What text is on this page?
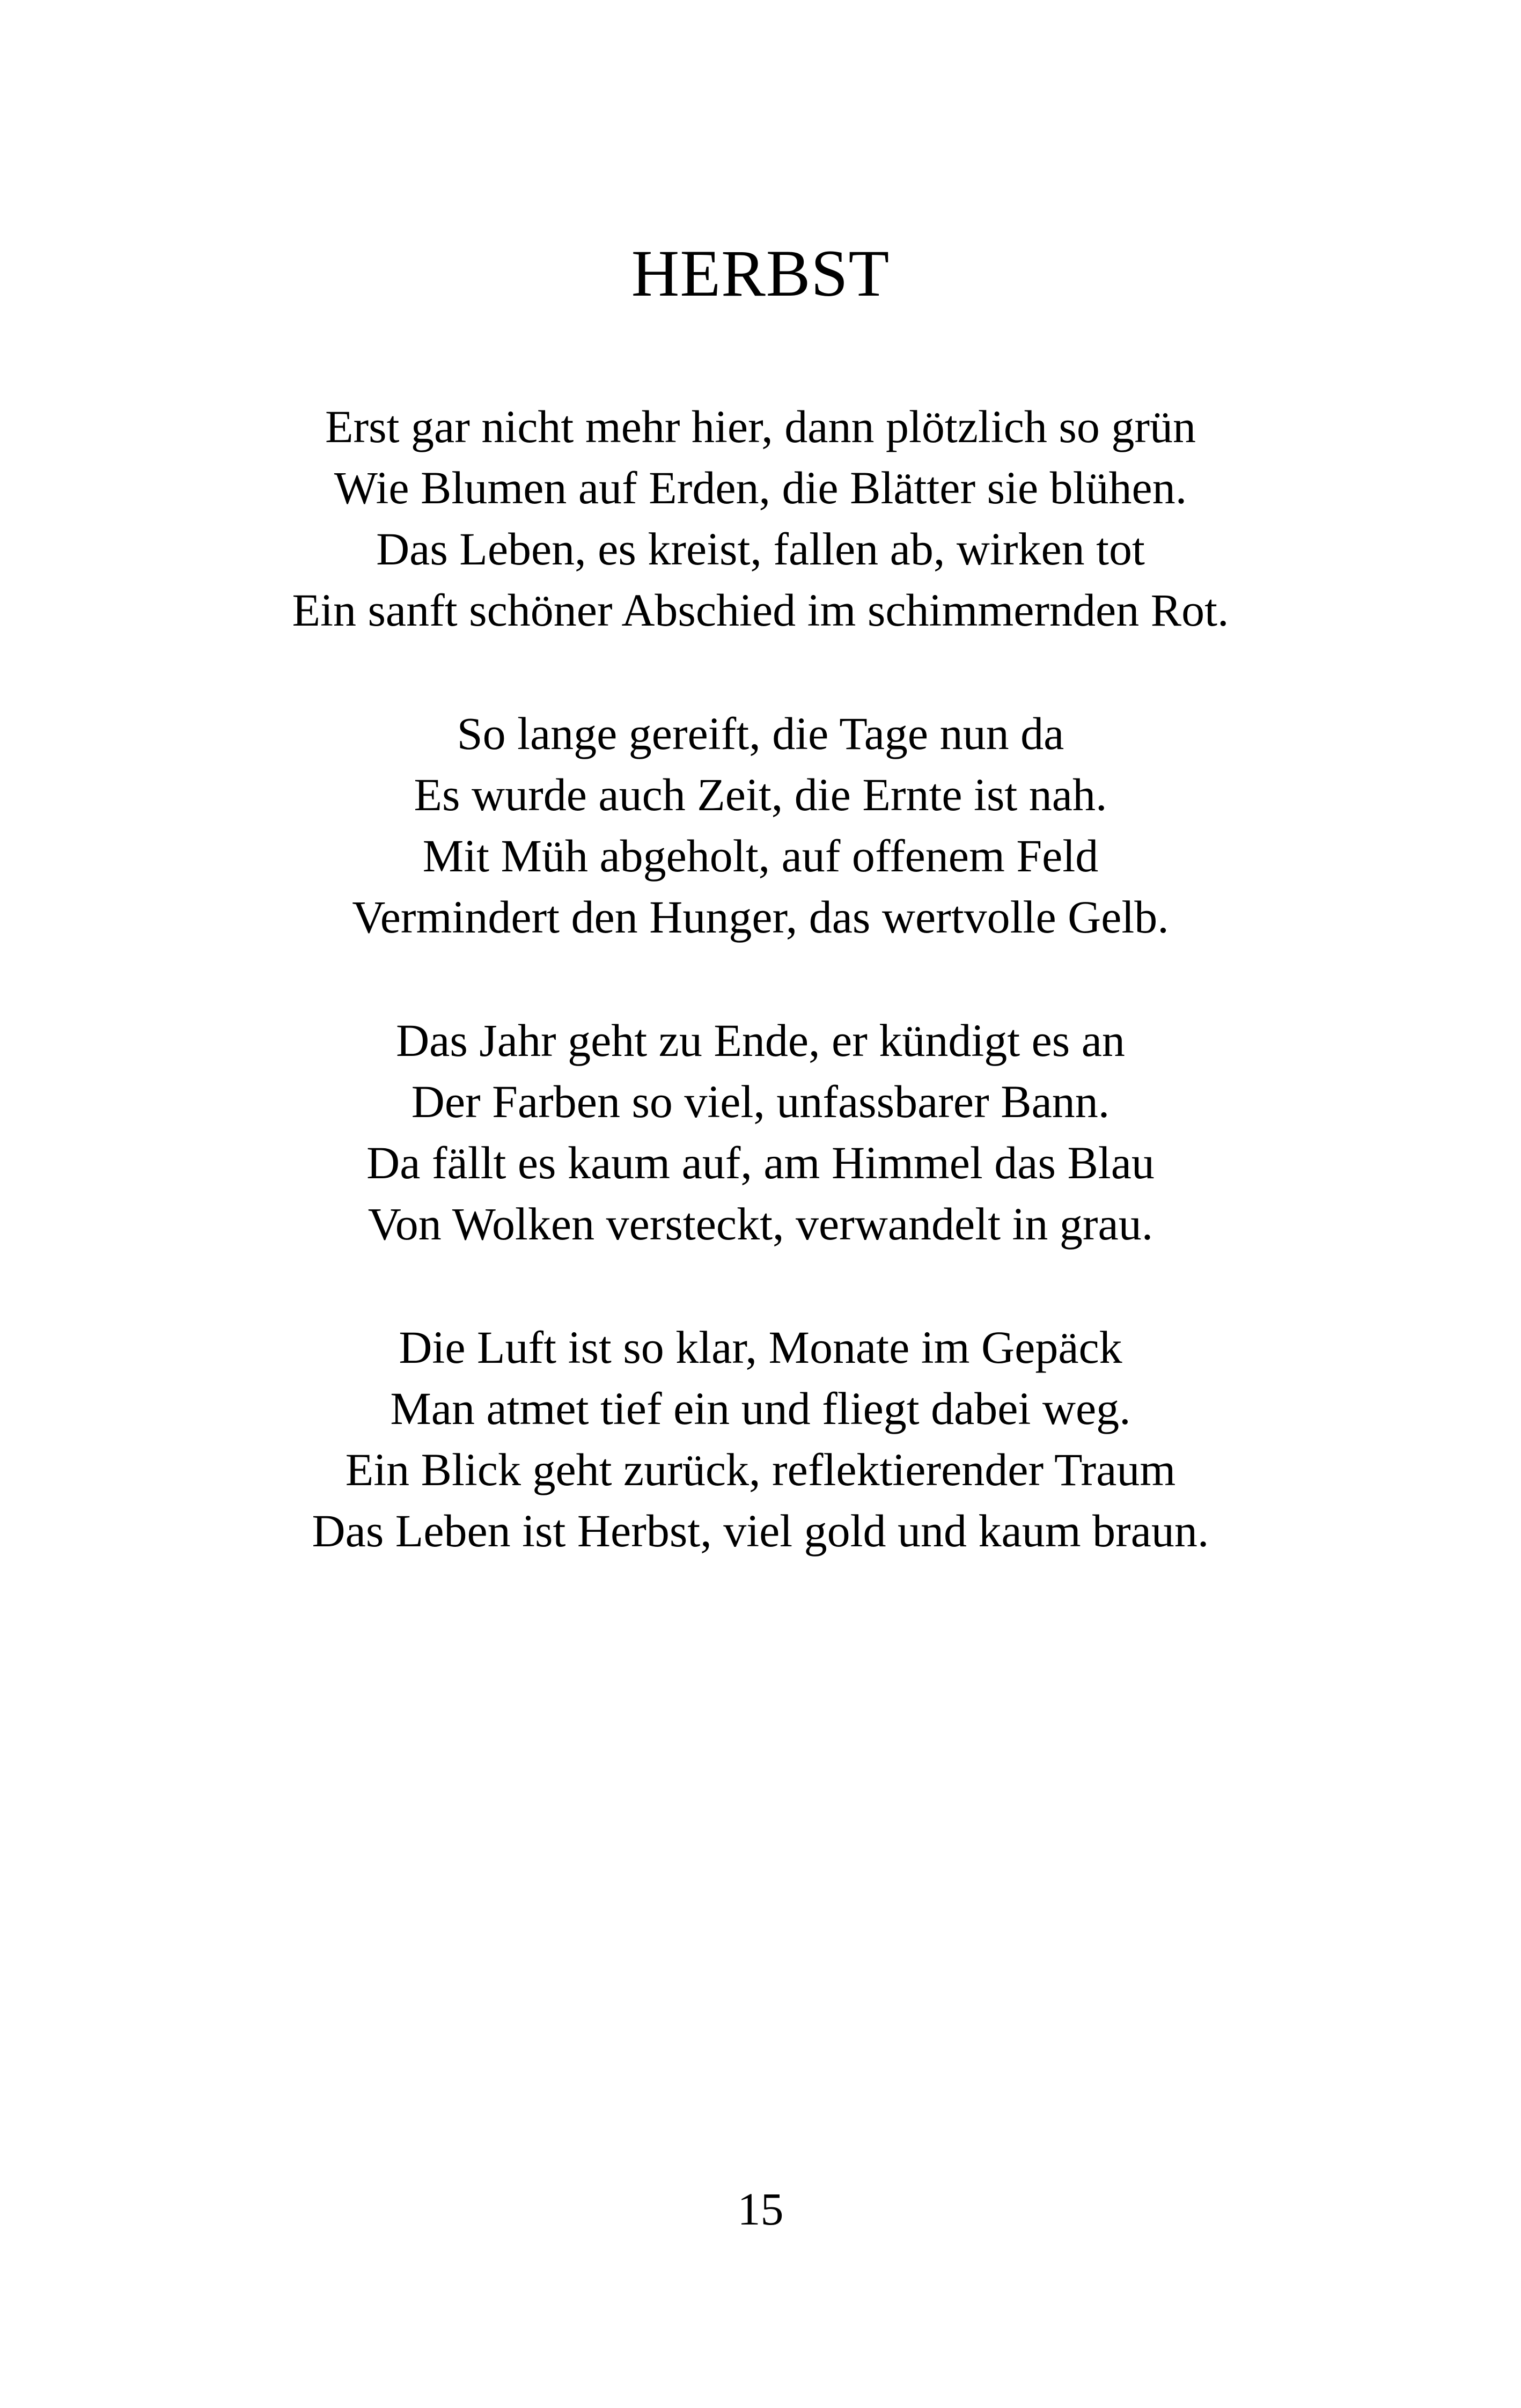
HERBST
Erst gar nicht mehr hier, dann plötzlich so grün
Wie Blumen auf Erden, die Blätter sie blühen.
Das Leben, es kreist, fallen ab, wirken tot
Ein sanft schöner Abschied im schimmernden Rot.
So lange gereift, die Tage nun da
Es wurde auch Zeit, die Ernte ist nah.
Mit Müh abgeholt, auf offenem Feld
Vermindert den Hunger, das wertvolle Gelb.
Das Jahr geht zu Ende, er kündigt es an
Der Farben so viel, unfassbarer Bann.
Da fällt es kaum auf, am Himmel das Blau
Von Wolken versteckt, verwandelt in grau.
Die Luft ist so klar, Monate im Gepäck
Man atmet tief ein und fliegt dabei weg.
Ein Blick geht zurück, reflektierender Traum
Das Leben ist Herbst, viel gold und kaum braun.
15
